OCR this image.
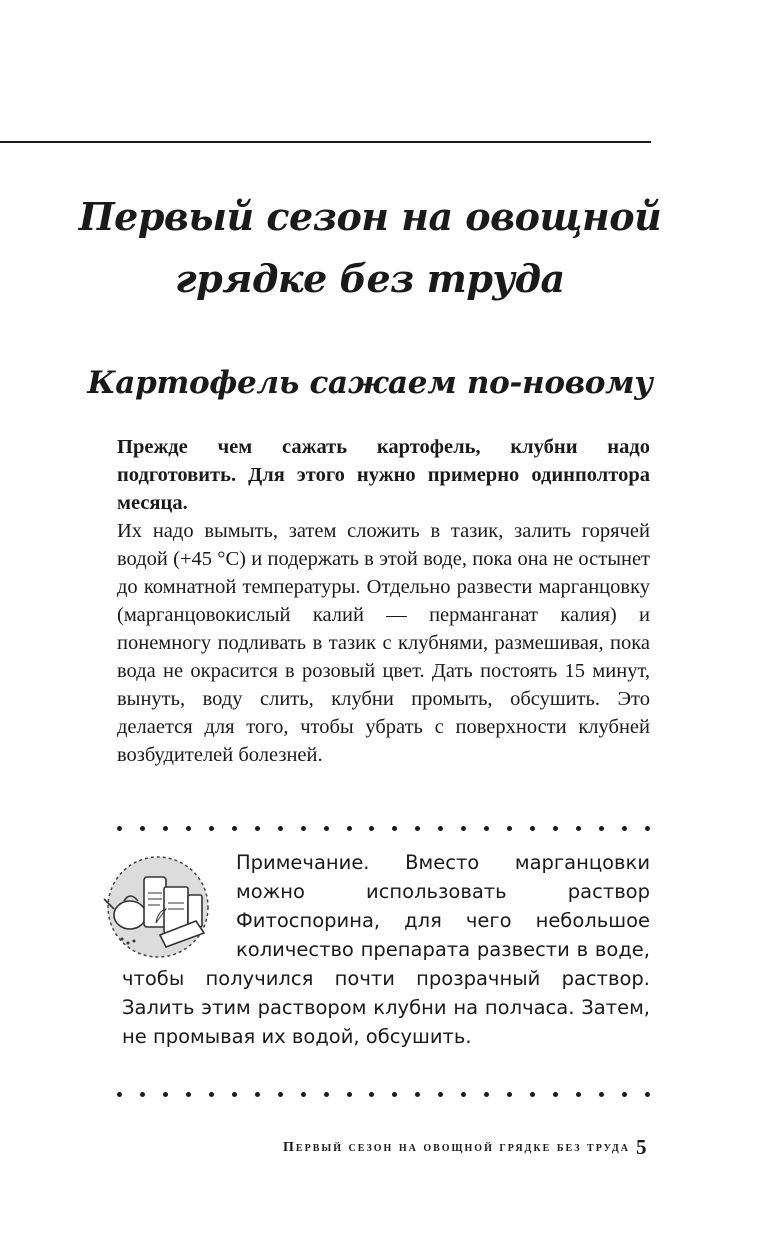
Первый сезон на овощной
грядке без труда
Картофель сажаем по-новому
Прежде чем сажать картофель, клубни надо подготовить. Для этого нужно примерно одинполтора месяца.
Их надо вымыть, затем сложить в тазик, залить горячей водой (+45 °C) и подержать в этой воде, пока она не остынет до комнатной температуры. Отдельно развести марганцовку (марганцовокислый калий — перманганат калия) и понемногу подливать в тазик с клубнями, размешивая, пока вода не окрасится в розовый цвет. Дать постоять 15 минут, вынуть, воду слить, клубни промыть, обсушить. Это делается для того, чтобы убрать с поверхности клубней возбудителей болезней.
Примечание. Вместо марганцовки можно использовать раствор Фитоспорина, для чего небольшое количество препарата развести в воде, чтобы получился почти прозрачный раствор. Залить этим раствором клубни на полчаса. Затем, не промывая их водой, обсушить.
Первый сезон на овощной грядке без труда 5
